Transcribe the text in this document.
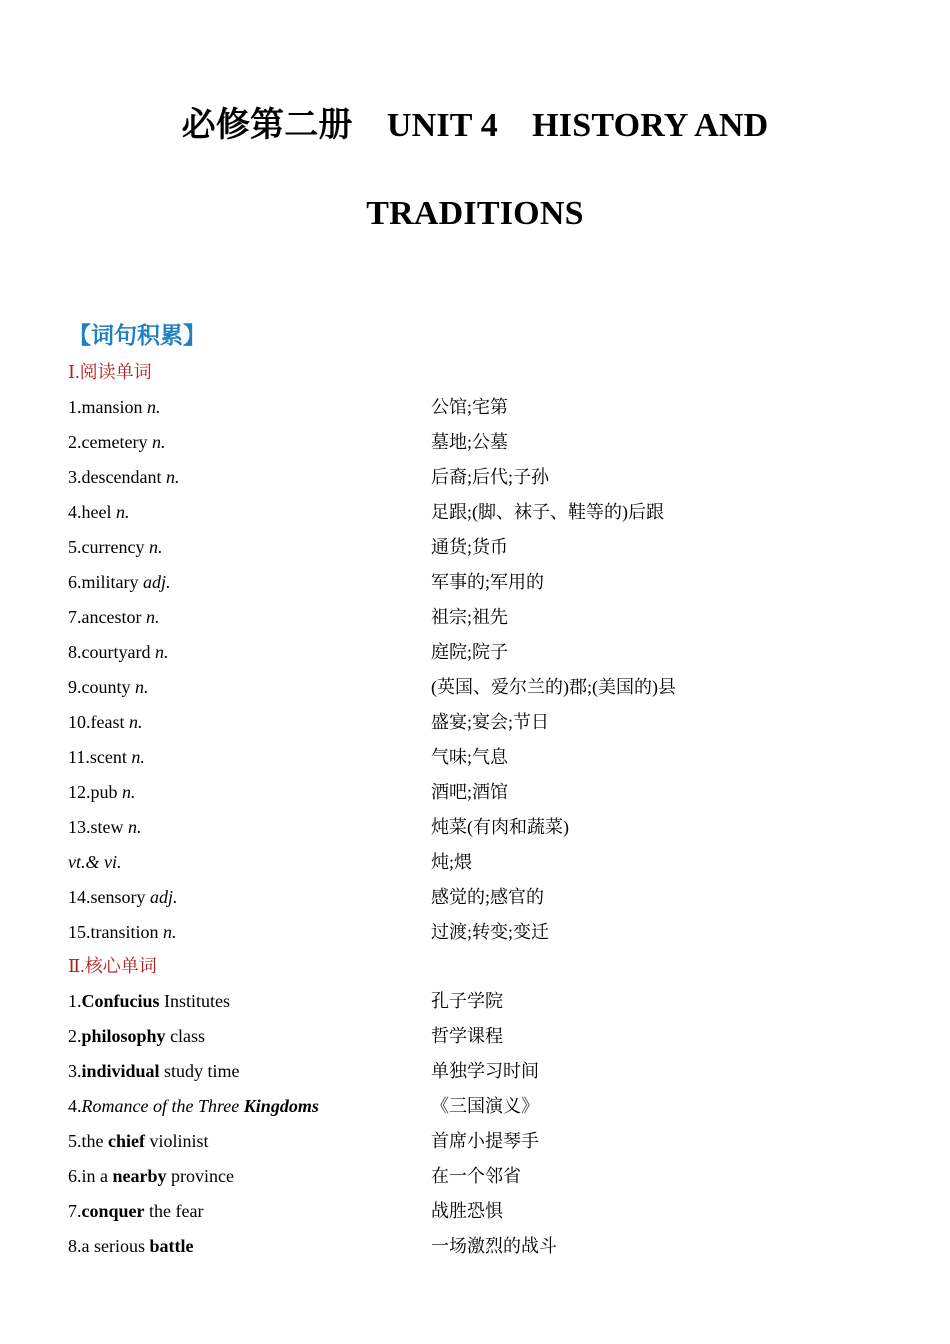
必修第二册　UNIT 4　HISTORY AND
TRADITIONS
【词句积累】
Ⅰ.阅读单词
1.mansion n.	公馆;宅第
2.cemetery n.	墓地;公墓
3.descendant n.	后裔;后代;子孙
4.heel n.	足跟;(脚、袜子、鞋等的)后跟
5.currency n.	通货;货币
6.military adj.	军事的;军用的
7.ancestor n.	祖宗;祖先
8.courtyard n.	庭院;院子
9.county n.	(英国、爱尔兰的)郡;(美国的)县
10.feast n.	盛宴;宴会;节日
11.scent n.	气味;气息
12.pub n.	酒吧;酒馆
13.stew n.	炖菜(有肉和蔬菜)
vt.& vi.	炖;煨
14.sensory adj.	感觉的;感官的
15.transition n.	过渡;转变;变迁
Ⅱ.核心单词
1.Confucius Institutes	孔子学院
2.philosophy class	哲学课程
3.individual study time	单独学习时间
4.Romance of the Three Kingdoms	《三国演义》
5.the chief violinist	首席小提琴手
6.in a nearby province	在一个邻省
7.conquer the fear	战胜恐惧
8.a serious battle	一场激烈的战斗
